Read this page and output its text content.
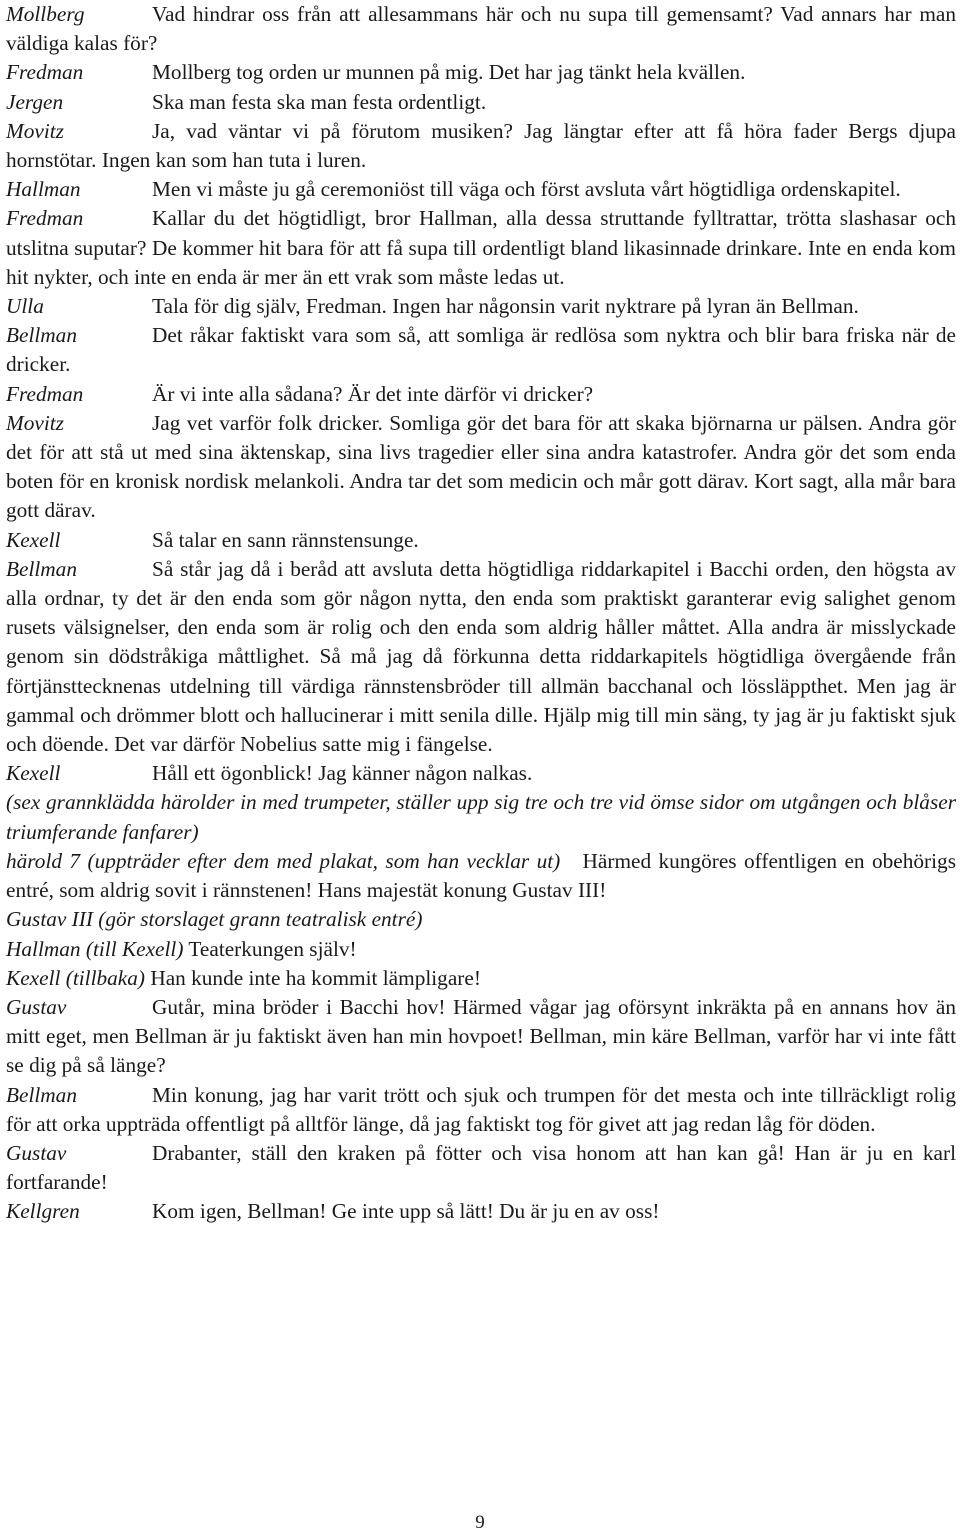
Mollberg	Vad hindrar oss från att allesammans här och nu supa till gemensamt? Vad annars har man väldiga kalas för?

Fredman	Mollberg tog orden ur munnen på mig. Det har jag tänkt hela kvällen.

Jergen	Ska man festa ska man festa ordentligt.

Movitz	Ja, vad väntar vi på förutom musiken? Jag längtar efter att få höra fader Bergs djupa hornstötar. Ingen kan som han tuta i luren.

Hallman	Men vi måste ju gå ceremoniöst till väga och först avsluta vårt högtidliga ordenskapitel.

Fredman	Kallar du det högtidligt, bror Hallman, alla dessa struttande fylltrattar, trötta slashasar och utslitna suputar? De kommer hit bara för att få supa till ordentligt bland likasinnade drinkare. Inte en enda kom hit nykter, och inte en enda är mer än ett vrak som måste ledas ut.

Ulla	Tala för dig själv, Fredman. Ingen har någonsin varit nyktrare på lyran än Bellman.

Bellman	Det råkar faktiskt vara som så, att somliga är redlösa som nyktra och blir bara friska när de dricker.

Fredman	Är vi inte alla sådana? Är det inte därför vi dricker?

Movitz	Jag vet varför folk dricker. Somliga gör det bara för att skaka björnarna ur pälsen. Andra gör det för att stå ut med sina äktenskap, sina livs tragedier eller sina andra katastrofer. Andra gör det som enda boten för en kronisk nordisk melankoli. Andra tar det som medicin och mår gott därav. Kort sagt, alla mår bara gott därav.

Kexell	Så talar en sann rännstensunge.

Bellman	Så står jag då i beråd att avsluta detta högtidliga riddarkapitel i Bacchi orden, den högsta av alla ordnar, ty det är den enda som gör någon nytta, den enda som praktiskt garanterar evig salighet genom rusets välsignelser, den enda som är rolig och den enda som aldrig håller måttet. Alla andra är misslyckade genom sin dödstråkiga måttlighet. Så må jag då förkunna detta riddarkapitels högtidliga övergående från förtjänsttecknenas utdelning till värdiga rännstensbröder till allmän bacchanal och lössläppthet. Men jag är gammal och drömmer blott och hallucinerar i mitt senila dille. Hjälp mig till min säng, ty jag är ju faktiskt sjuk och döende. Det var därför Nobelius satte mig i fängelse.

Kexell	Håll ett ögonblick! Jag känner någon nalkas.

(sex grannklädda härolder in med trumpeter, ställer upp sig tre och tre vid ömse sidor om utgången och blåser triumferande fanfarer)

härold 7 (uppträder efter dem med plakat, som han vecklar ut) Härmed kungöres offentligen en obehörigs entré, som aldrig sovit i rännstenen! Hans majestät konung Gustav III!

Gustav III (gör storslaget grann teatralisk entré)

Hallman (till Kexell) Teaterkungen själv!

Kexell (tillbaka) Han kunde inte ha kommit lämpligare!

Gustav	Gutår, mina bröder i Bacchi hov! Härmed vågar jag oförsynt inkräkta på en annans hov än mitt eget, men Bellman är ju faktiskt även han min hovpoet! Bellman, min käre Bellman, varför har vi inte fått se dig på så länge?

Bellman	Min konung, jag har varit trött och sjuk och trumpen för det mesta och inte tillräckligt rolig för att orka uppträda offentligt på alltför länge, då jag faktiskt tog för givet att jag redan låg för döden.

Gustav	Drabanter, ställ den kraken på fötter och visa honom att han kan gå! Han är ju en karl fortfarande!

Kellgren	Kom igen, Bellman! Ge inte upp så lätt! Du är ju en av oss!

9
